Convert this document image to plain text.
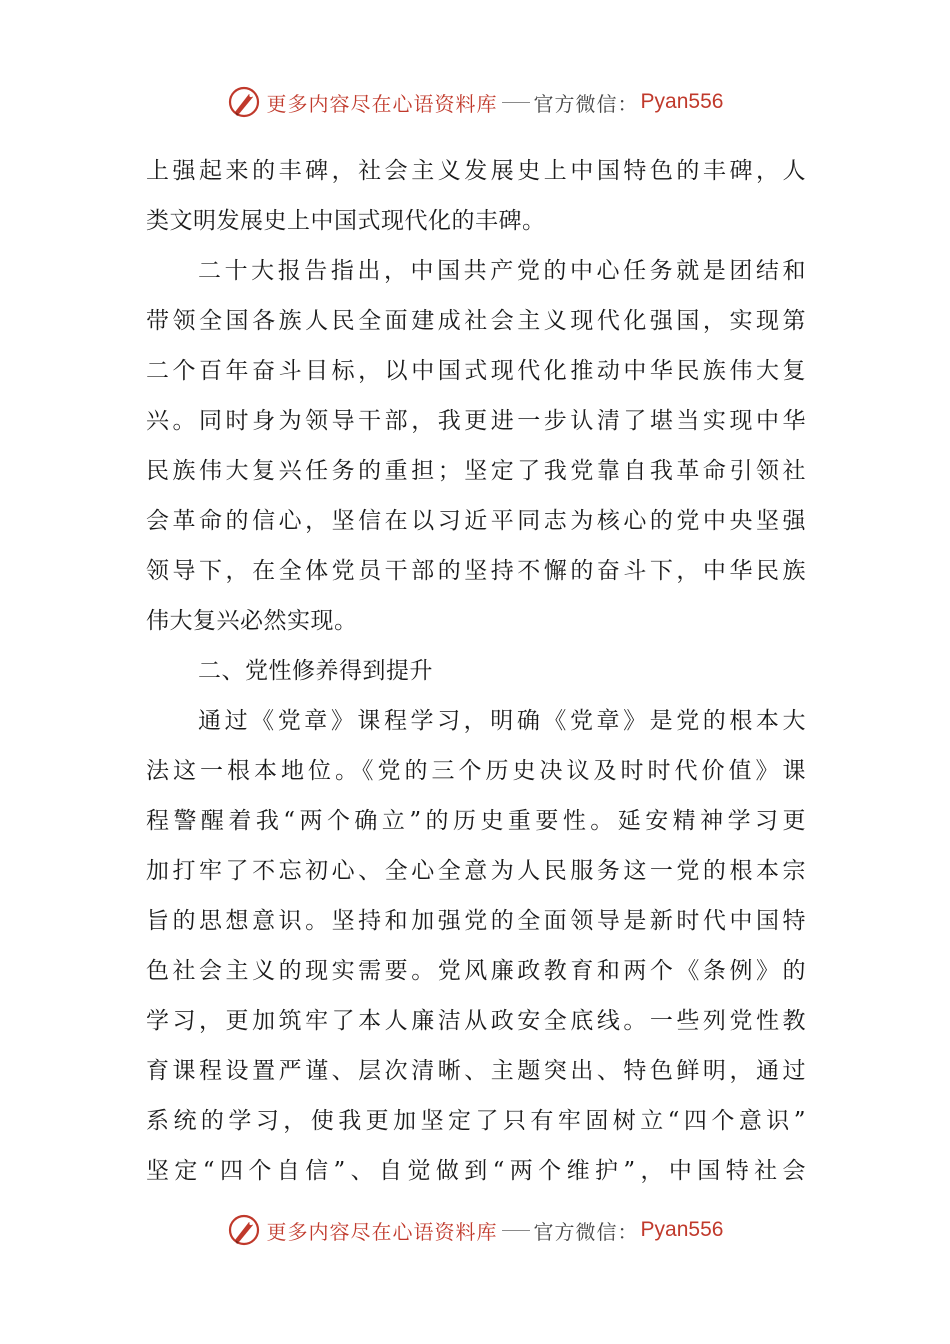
更多内容尽在心语资料库 官方微信： Pyan556
上强起来的丰碑，社会主义发展史上中国特色的丰碑，人
类文明发展史上中国式现代化的丰碑。
二十大报告指出，中国共产党的中心任务就是团结和
带领全国各族人民全面建成社会主义现代化强国，实现第
二个百年奋斗目标，以中国式现代化推动中华民族伟大复
兴。同时身为领导干部，我更进一步认清了堪当实现中华
民族伟大复兴任务的重担；坚定了我党靠自我革命引领社
会革命的信心，坚信在以习近平同志为核心的党中央坚强
领导下，在全体党员干部的坚持不懈的奋斗下，中华民族
伟大复兴必然实现。
二、党性修养得到提升
通过《党章》课程学习，明确《党章》是党的根本大
法这一根本地位。《党的三个历史决议及时时代价值》课
程警醒着我“两个确立”的历史重要性。延安精神学习更
加打牢了不忘初心、全心全意为人民服务这一党的根本宗
旨的思想意识。坚持和加强党的全面领导是新时代中国特
色社会主义的现实需要。党风廉政教育和两个《条例》的
学习，更加筑牢了本人廉洁从政安全底线。一些列党性教
育课程设置严谨、层次清晰、主题突出、特色鲜明，通过
系统的学习，使我更加坚定了只有牢固树立“四个意识”
坚定“四个自信”、自觉做到“两个维护”，中国特社会
更多内容尽在心语资料库 官方微信： Pyan556
